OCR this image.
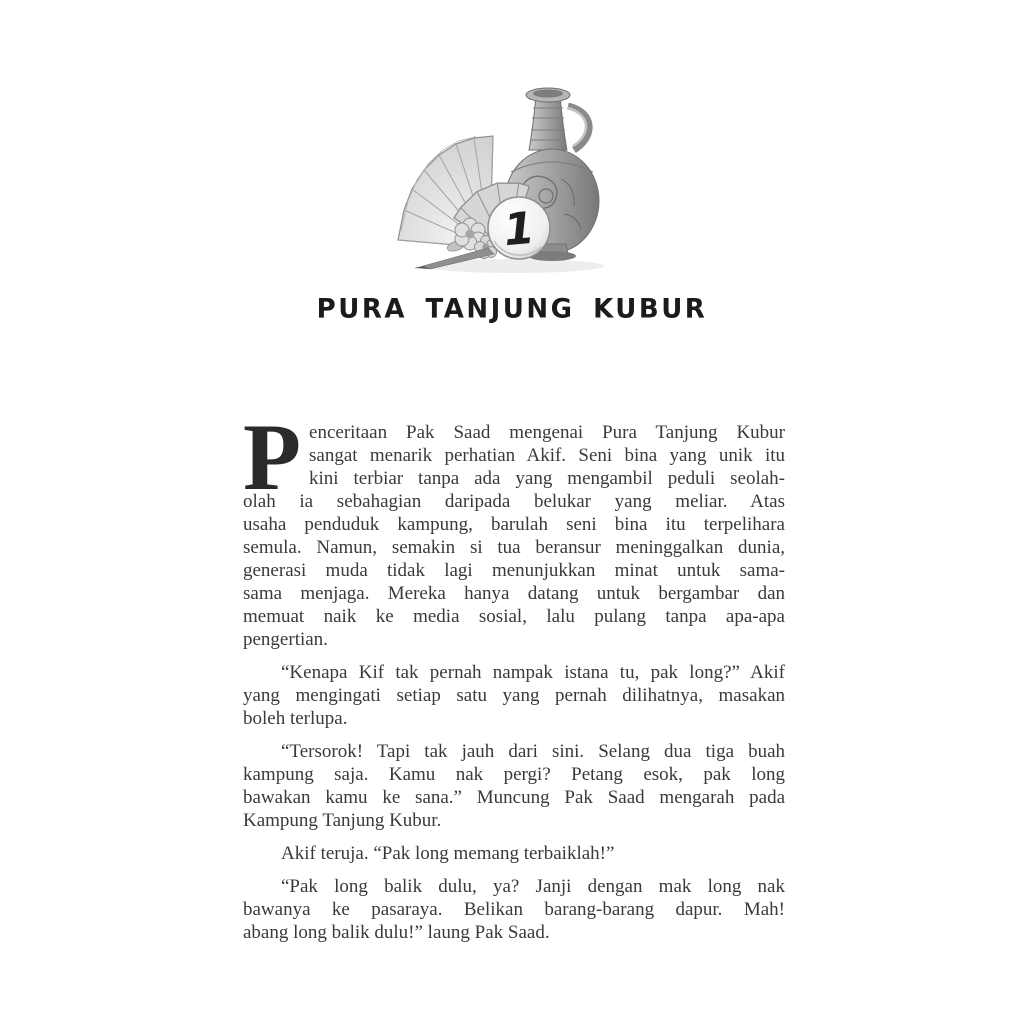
1
PURA TANJUNG KUBUR
P enceritaan Pak Saad mengenai Pura Tanjung Kubur
sangat menarik perhatian Akif. Seni bina yang unik itu
kini terbiar tanpa ada yang mengambil peduli seolah-
olah ia sebahagian daripada belukar yang meliar. Atas
usaha penduduk kampung, barulah seni bina itu terpelihara
semula. Namun, semakin si tua beransur meninggalkan dunia,
generasi muda tidak lagi menunjukkan minat untuk sama-
sama menjaga. Mereka hanya datang untuk bergambar dan
memuat naik ke media sosial, lalu pulang tanpa apa-apa
pengertian.
“Kenapa Kif tak pernah nampak istana tu, pak long?” Akif
yang mengingati setiap satu yang pernah dilihatnya, masakan
boleh terlupa.
“Tersorok! Tapi tak jauh dari sini. Selang dua tiga buah
kampung saja. Kamu nak pergi? Petang esok, pak long
bawakan kamu ke sana.” Muncung Pak Saad mengarah pada
Kampung Tanjung Kubur.
Akif teruja. “Pak long memang terbaiklah!”
“Pak long balik dulu, ya? Janji dengan mak long nak
bawanya ke pasaraya. Belikan barang-barang dapur. Mah!
abang long balik dulu!” laung Pak Saad.
